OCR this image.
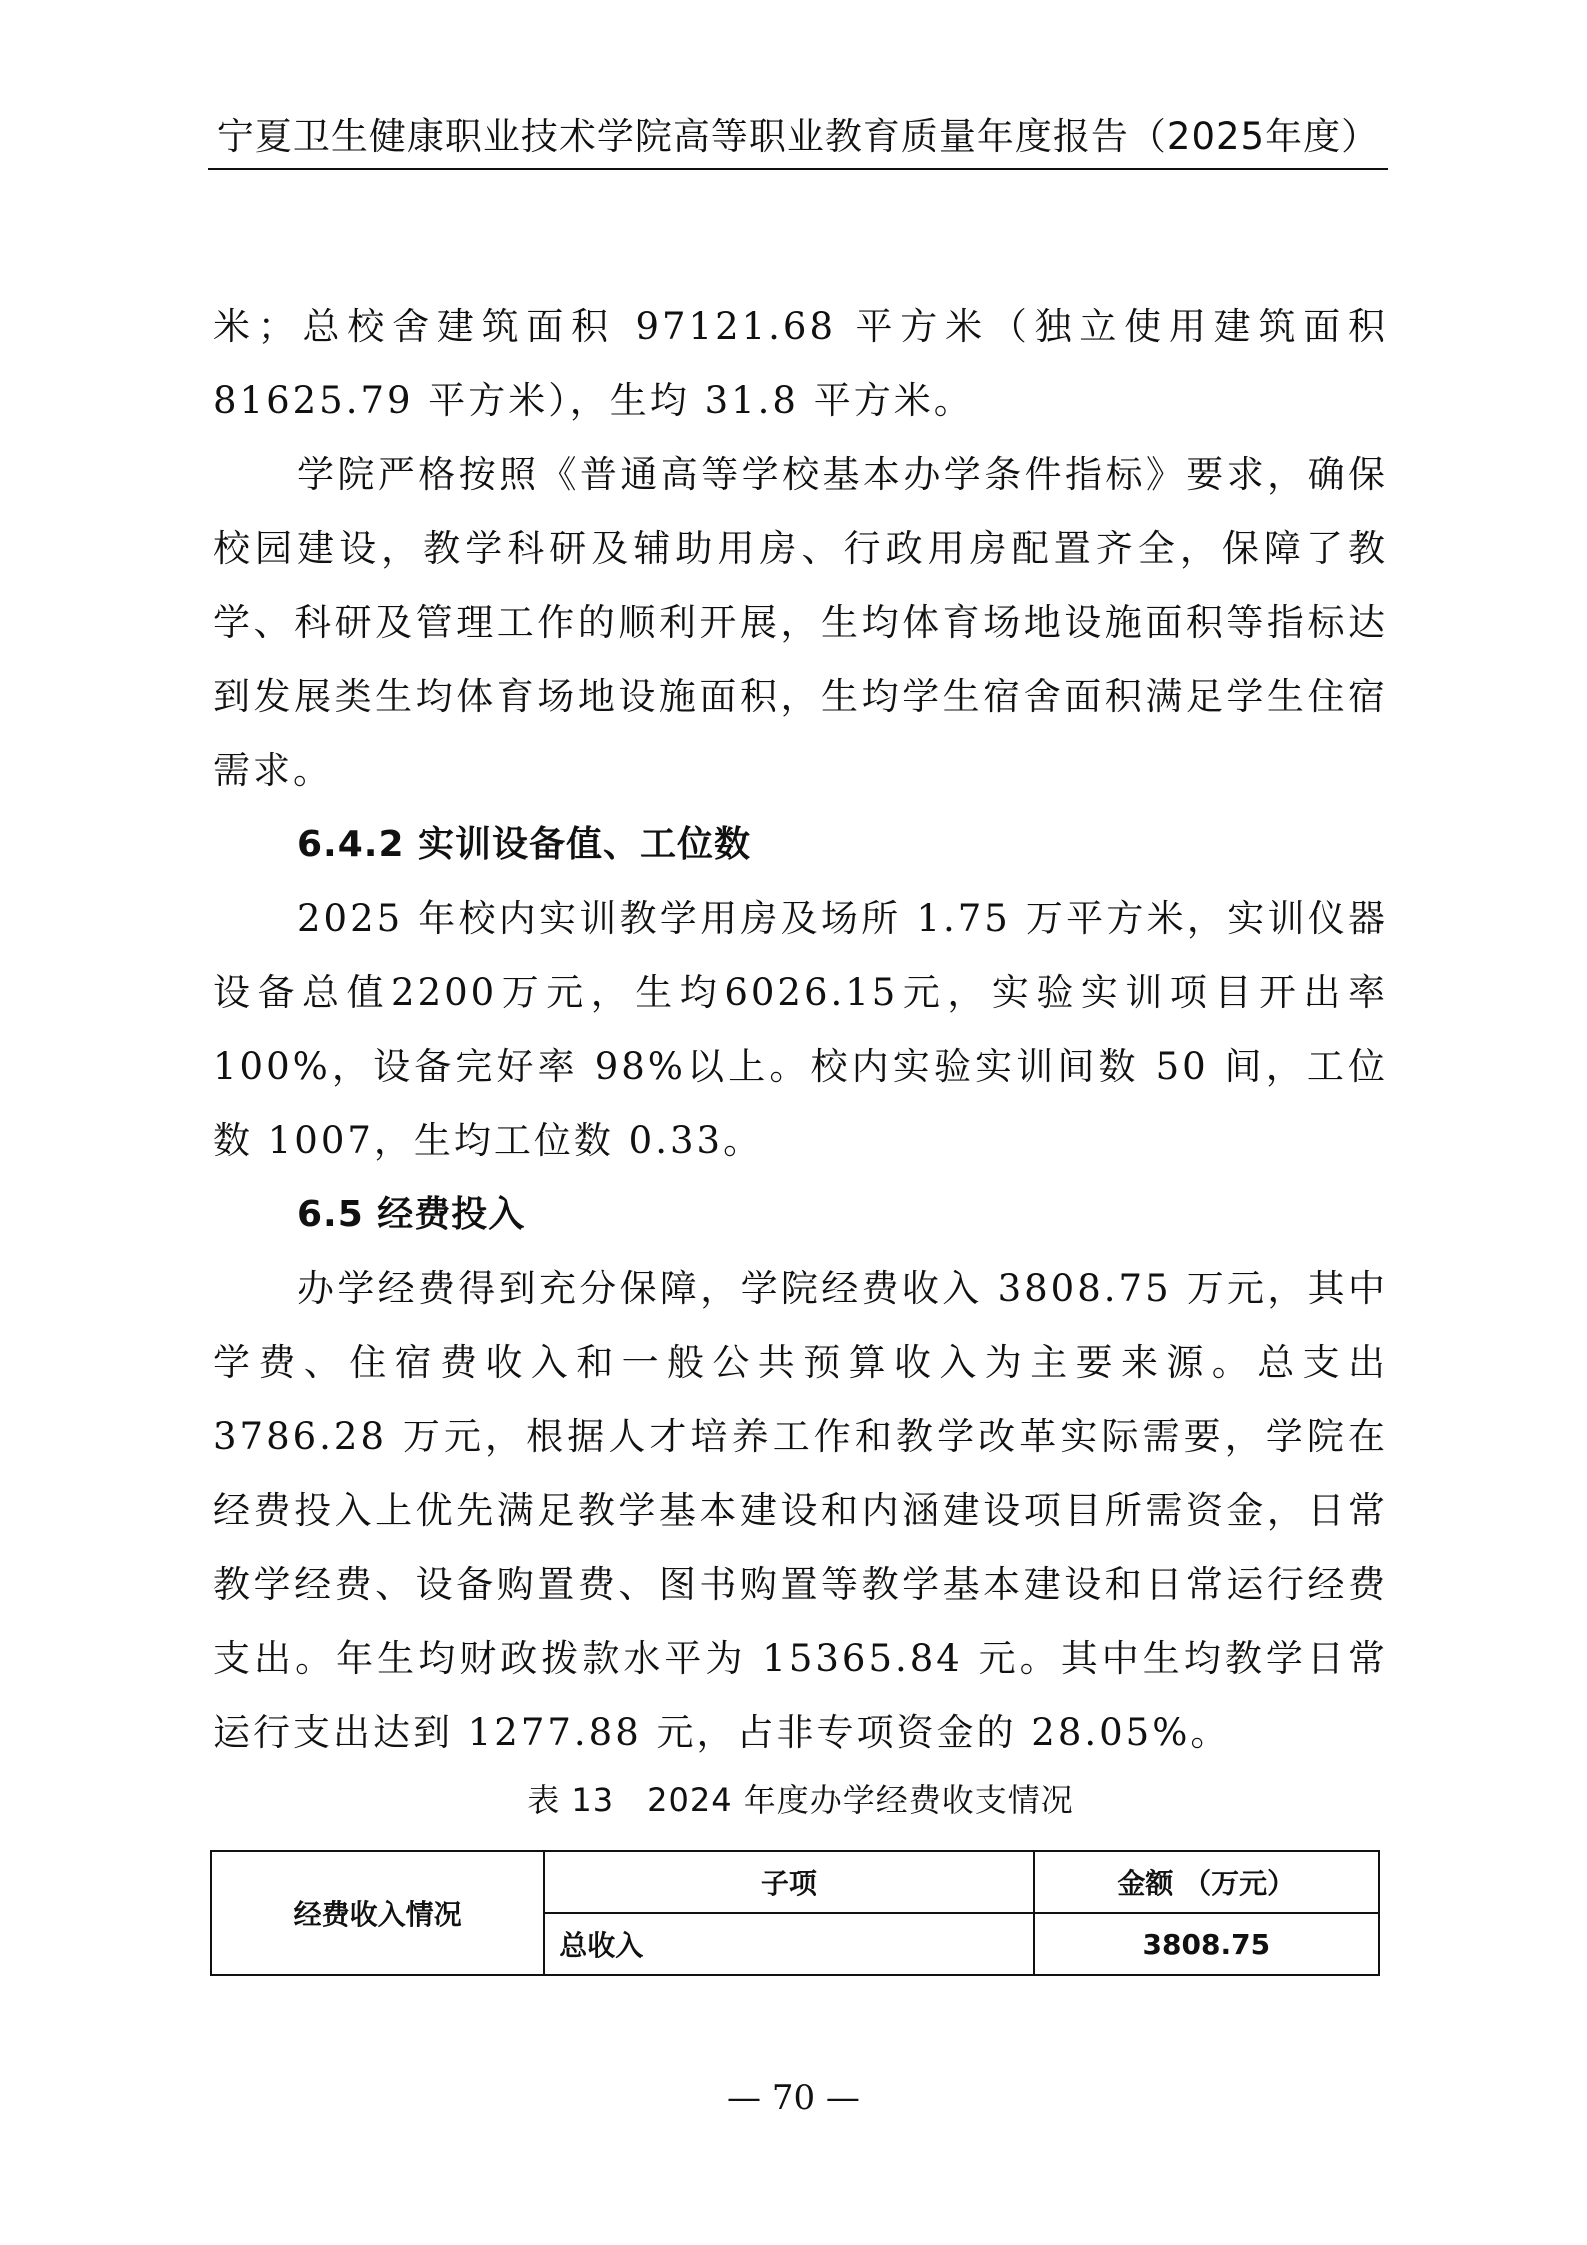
宁夏卫生健康职业技术学院高等职业教育质量年度报告（2025年度）

米；总校舍建筑面积 97121.68 平方米（独立使用建筑面积 81625.79 平方米），生均 31.8 平方米。

学院严格按照《普通高等学校基本办学条件指标》要求，确保校园建设，教学科研及辅助用房、行政用房配置齐全，保障了教学、科研及管理工作的顺利开展，生均体育场地设施面积等指标达到发展类生均体育场地设施面积，生均学生宿舍面积满足学生住宿需求。

6.4.2 实训设备值、工位数

2025 年校内实训教学用房及场所 1.75 万平方米，实训仪器设备总值2200万元，生均6026.15元，实验实训项目开出率100%，设备完好率 98%以上。校内实验实训间数 50 间，工位数 1007，生均工位数 0.33。

6.5 经费投入

办学经费得到充分保障，学院经费收入 3808.75 万元，其中学费、住宿费收入和一般公共预算收入为主要来源。总支出3786.28 万元，根据人才培养工作和教学改革实际需要，学院在经费投入上优先满足教学基本建设和内涵建设项目所需资金，日常教学经费、设备购置费、图书购置等教学基本建设和日常运行经费支出。年生均财政拨款水平为 15365.84 元。其中生均教学日常运行支出达到 1277.88 元，占非专项资金的 28.05%。

表 13　2024 年度办学经费收支情况

经费收入情况	子项	金额 （万元）
	总收入	3808.75
— 70 —
